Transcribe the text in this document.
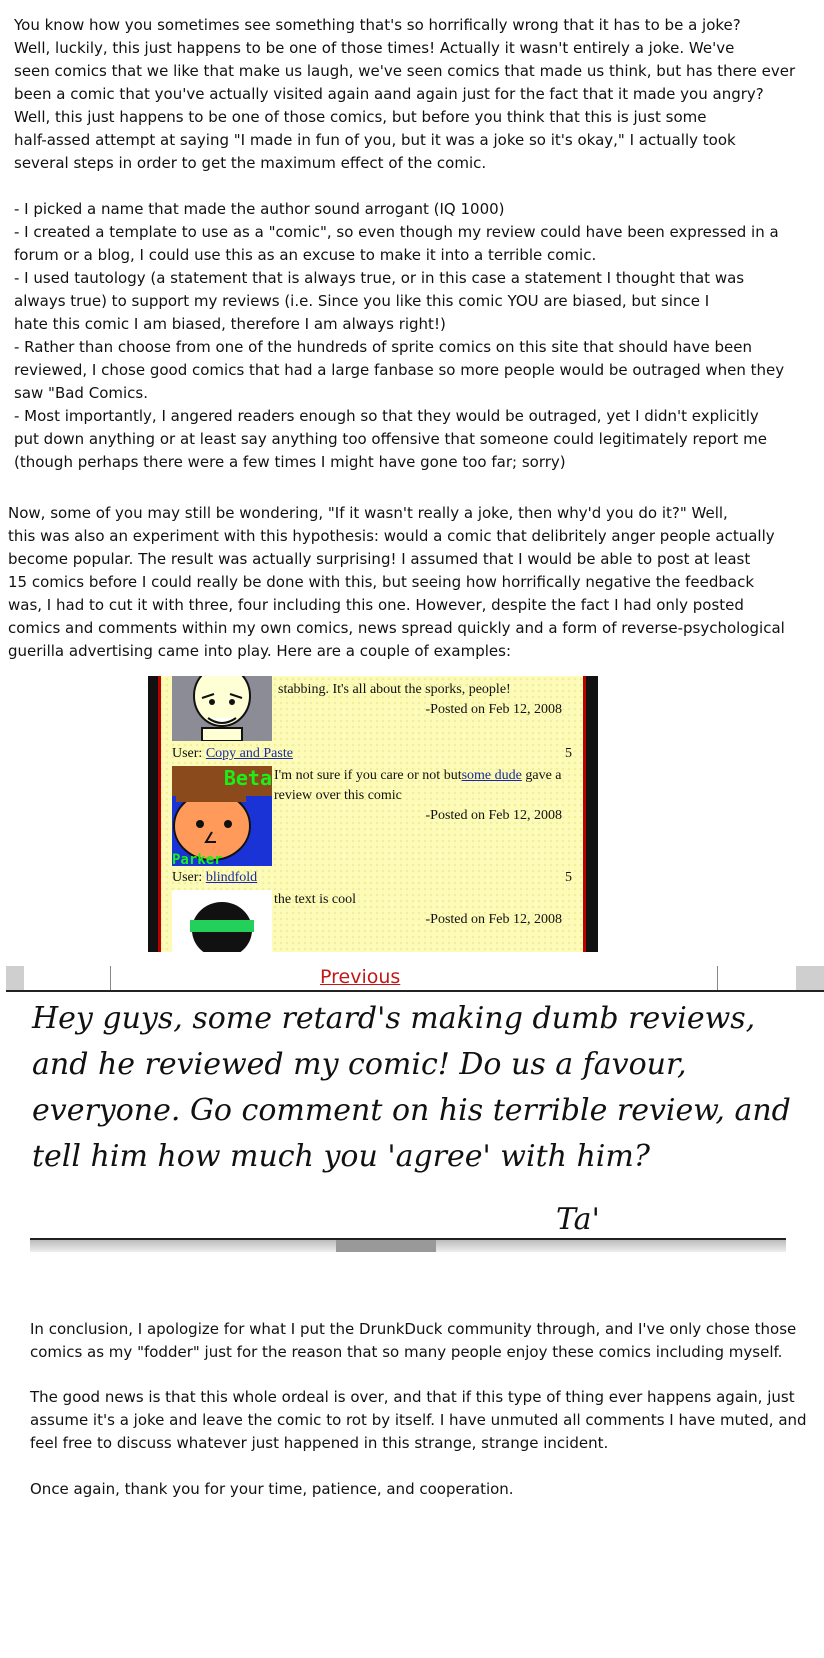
You know how you sometimes see something that's so horrifically wrong that it has to be a joke?
Well, luckily, this just happens to be one of those times! Actually it wasn't entirely a joke. We've
seen comics that we like that make us laugh, we've seen comics that made us think, but has there ever
been a comic that you've actually visited again aand again just for the fact that it made you angry?
Well, this just happens to be one of those comics, but before you think that this is just some
half-assed attempt at saying "I made in fun of you, but it was a joke so it's okay," I actually took
several steps in order to get the maximum effect of the comic.

- I picked a name that made the author sound arrogant (IQ 1000)
- I created a template to use as a "comic", so even though my review could have been expressed in a
forum or a blog, I could use this as an excuse to make it into a terrible comic.
- I used tautology (a statement that is always true, or in this case a statement I thought that was
always true) to support my reviews (i.e. Since you like this comic YOU are biased, but since I
hate this comic I am biased, therefore I am always right!)
- Rather than choose from one of the hundreds of sprite comics on this site that should have been
reviewed, I chose good comics that had a large fanbase so more people would be outraged when they
saw "Bad Comics.
- Most importantly, I angered readers enough so that they would be outraged, yet I didn't explicitly
put down anything or at least say anything too offensive that someone could legitimately report me
(though perhaps there were a few times I might have gone too far; sorry)

Now, some of you may still be wondering, "If it wasn't really a joke, then why'd you do it?" Well,
this was also an experiment with this hypothesis: would a comic that delibritely anger people actually
become popular. The result was actually surprising! I assumed that I would be able to post at least
15 comics before I could really be done with this, but seeing how horrifically negative the feedback
was, I had to cut it with three, four including this one. However, despite the fact I had only posted
comics and comments within my own comics, news spread quickly and a form of reverse-psychological
guerilla advertising came into play. Here are a couple of examples:

stabbing. It's all about the sporks, people!
-Posted on Feb 12, 2008
User: Copy and Paste	5
Beta
Parker
I'm not sure if you care or not butsome dude gave a review over this comic
-Posted on Feb 12, 2008
User: blindfold	5
the text is cool
-Posted on Feb 12, 2008
Previous

Hey guys, some retard's making dumb reviews, and he reviewed my comic! Do us a favour, everyone. Go comment on his terrible review, and tell him how much you 'agree' with him?

Ta'

In conclusion, I apologize for what I put the DrunkDuck community through, and I've only chose those
comics as my "fodder" just for the reason that so many people enjoy these comics including myself.

The good news is that this whole ordeal is over, and that if this type of thing ever happens again, just
assume it's a joke and leave the comic to rot by itself. I have unmuted all comments I have muted, and
feel free to discuss whatever just happened in this strange, strange incident.

Once again, thank you for your time, patience, and cooperation.
